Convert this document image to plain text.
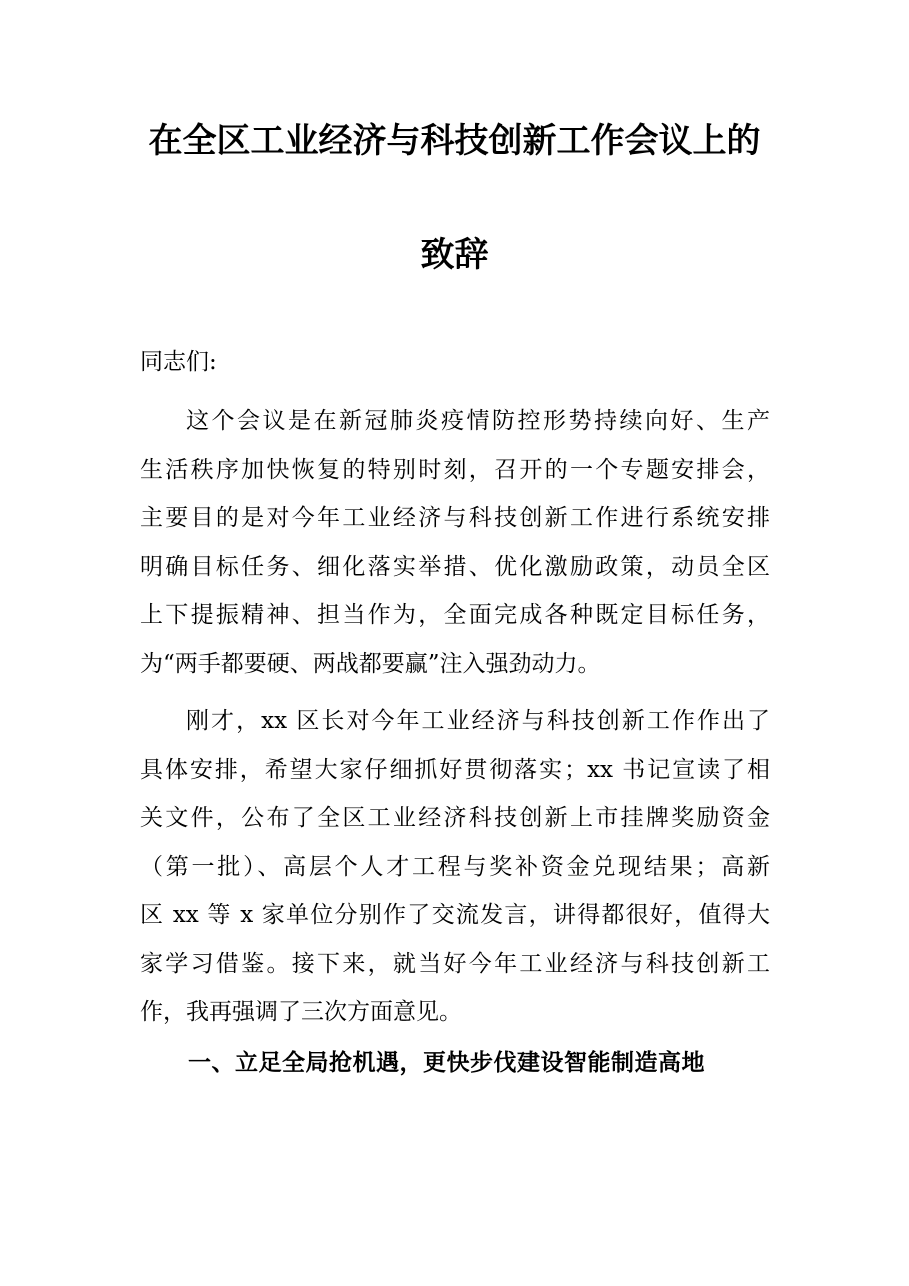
在全区工业经济与科技创新工作会议上的
致辞

同志们:

这个会议是在新冠肺炎疫情防控形势持续向好、生产
生活秩序加快恢复的特别时刻，召开的一个专题安排会，
主要目的是对今年工业经济与科技创新工作进行系统安排
明确目标任务、细化落实举措、优化激励政策，动员全区
上下提振精神、担当作为，全面完成各种既定目标任务，
为“两手都要硬、两战都要赢”注入强劲动力。
刚才，xx 区长对今年工业经济与科技创新工作作出了
具体安排，希望大家仔细抓好贯彻落实；xx 书记宣读了相
关文件，公布了全区工业经济科技创新上市挂牌奖励资金
（第一批）、高层个人才工程与奖补资金兑现结果；高新
区 xx 等 x 家单位分别作了交流发言，讲得都很好，值得大
家学习借鉴。接下来，就当好今年工业经济与科技创新工
作，我再强调了三次方面意见。
一、立足全局抢机遇，更快步伐建设智能制造高地
